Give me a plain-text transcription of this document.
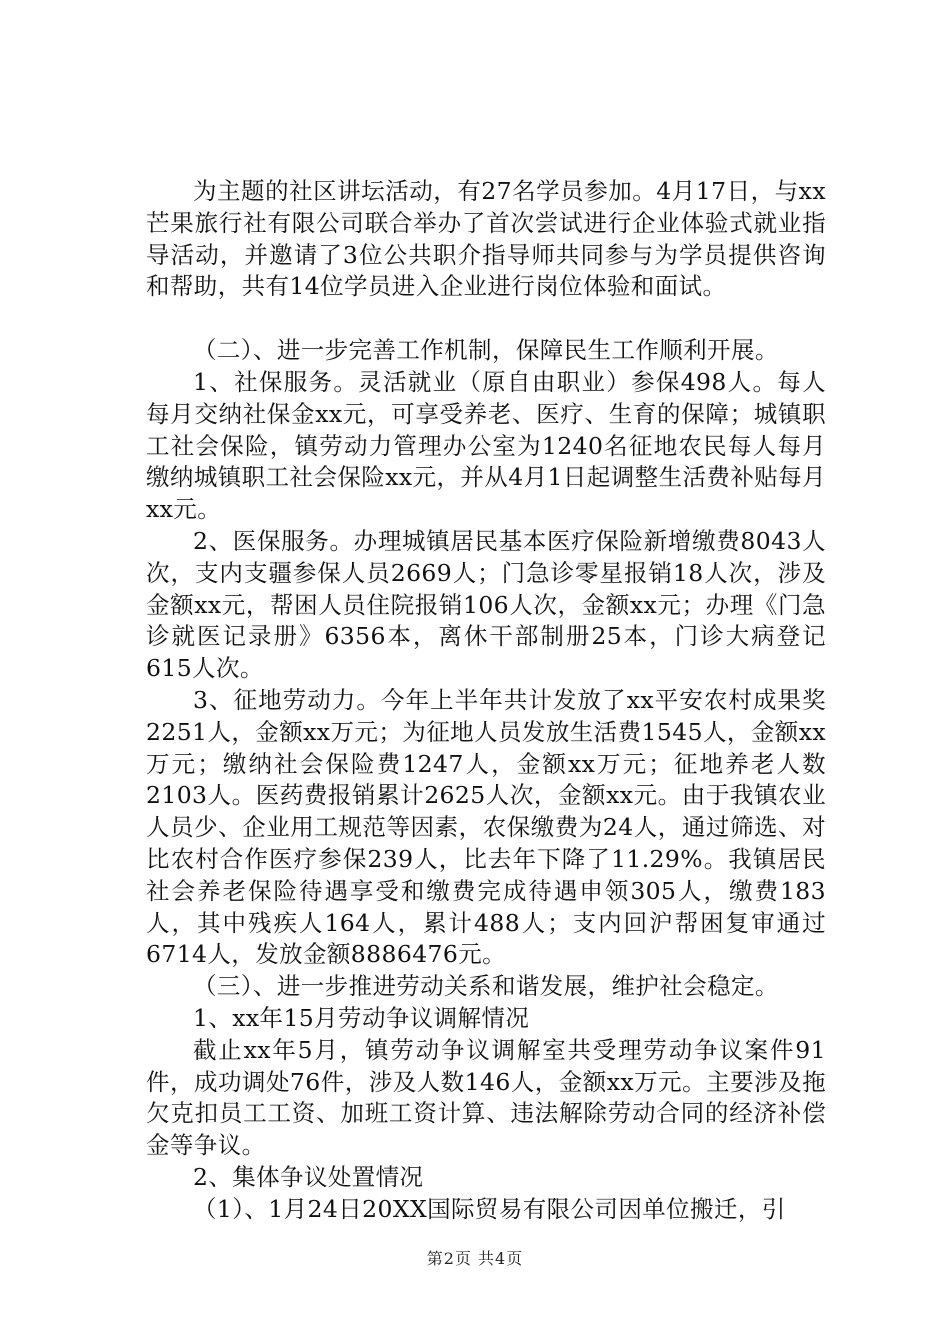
为主题的社区讲坛活动，有27名学员参加。4月17日，与xx芒果旅行社有限公司联合举办了首次尝试进行企业体验式就业指导活动，并邀请了3位公共职介指导师共同参与为学员提供咨询和帮助，共有14位学员进入企业进行岗位体验和面试。

（二）、进一步完善工作机制，保障民生工作顺利开展。

1、社保服务。灵活就业（原自由职业）参保498人。每人每月交纳社保金xx元，可享受养老、医疗、生育的保障；城镇职工社会保险，镇劳动力管理办公室为1240名征地农民每人每月缴纳城镇职工社会保险xx元，并从4月1日起调整生活费补贴每月xx元。

2、医保服务。办理城镇居民基本医疗保险新增缴费8043人次，支内支疆参保人员2669人；门急诊零星报销18人次，涉及金额xx元，帮困人员住院报销106人次，金额xx元；办理《门急诊就医记录册》6356本，离休干部制册25本，门诊大病登记615人次。

3、征地劳动力。今年上半年共计发放了xx平安农村成果奖2251人，金额xx万元；为征地人员发放生活费1545人，金额xx万元；缴纳社会保险费1247人，金额xx万元；征地养老人数2103人。医药费报销累计2625人次，金额xx元。由于我镇农业人员少、企业用工规范等因素，农保缴费为24人，通过筛选、对比农村合作医疗参保239人，比去年下降了11.29%。我镇居民社会养老保险待遇享受和缴费完成待遇申领305人，缴费183人，其中残疾人164人，累计488人；支内回沪帮困复审通过6714人，发放金额8886476元。

（三）、进一步推进劳动关系和谐发展，维护社会稳定。

1、xx年15月劳动争议调解情况

截止xx年5月，镇劳动争议调解室共受理劳动争议案件91件，成功调处76件，涉及人数146人，金额xx万元。主要涉及拖欠克扣员工工资、加班工资计算、违法解除劳动合同的经济补偿金等争议。

2、集体争议处置情况

（1）、1月24日20XX国际贸易有限公司因单位搬迁，引

第2页 共4页
